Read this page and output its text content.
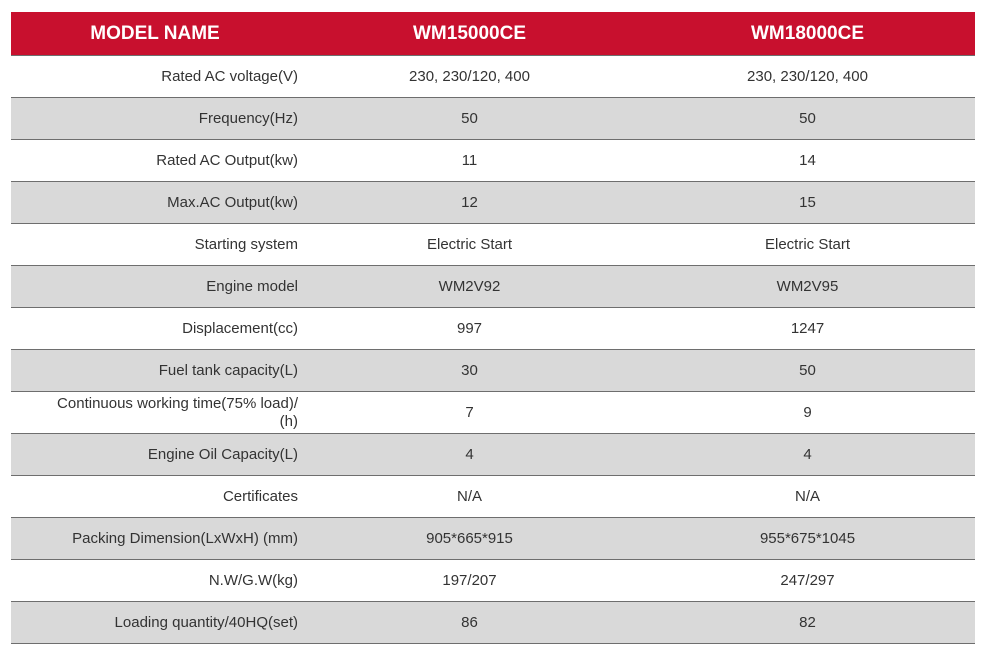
MODEL NAME	WM15000CE	WM18000CE
Rated AC voltage(V)	230, 230/120, 400	230, 230/120, 400
Frequency(Hz)	50	50
Rated AC Output(kw)	11	14
Max.AC Output(kw)	12	15
Starting system	Electric Start	Electric Start
Engine model	WM2V92	WM2V95
Displacement(cc)	997	1247
Fuel tank capacity(L)	30	50
Continuous working time(75% load)/
(h)	7	9
Engine Oil Capacity(L)	4	4
Certificates	N/A	N/A
Packing Dimension(LxWxH) (mm)	905*665*915	955*675*1045
N.W/G.W(kg)	197/207	247/297
Loading quantity/40HQ(set)	86	82
